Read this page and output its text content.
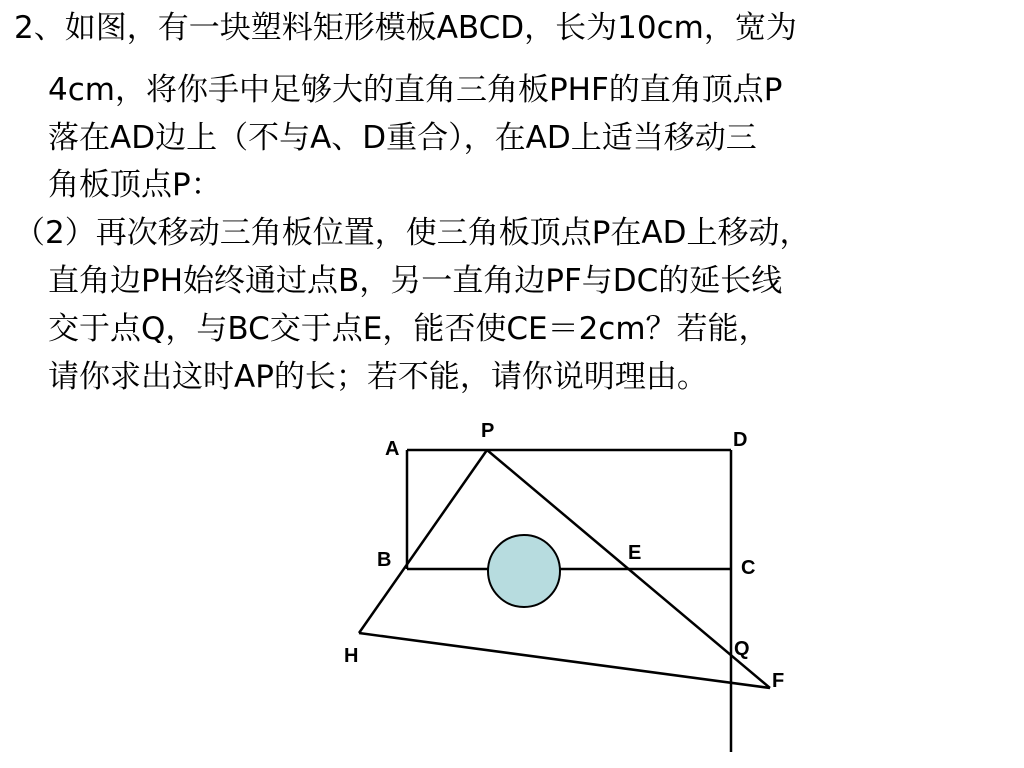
2、如图，有一块塑料矩形模板ABCD，长为10cm，宽为
4cm，将你手中足够大的直角三角板PHF的直角顶点P
落在AD边上（不与A、D重合），在AD上适当移动三
角板顶点P：
（2）再次移动三角板位置，使三角板顶点P在AD上移动，
直角边PH始终通过点B，另一直角边PF与DC的延长线
交于点Q，与BC交于点E，能否使CE＝2cm？若能，
请你求出这时AP的长；若不能，请你说明理由。
A
P	D
B	E
C
H	Q
F
